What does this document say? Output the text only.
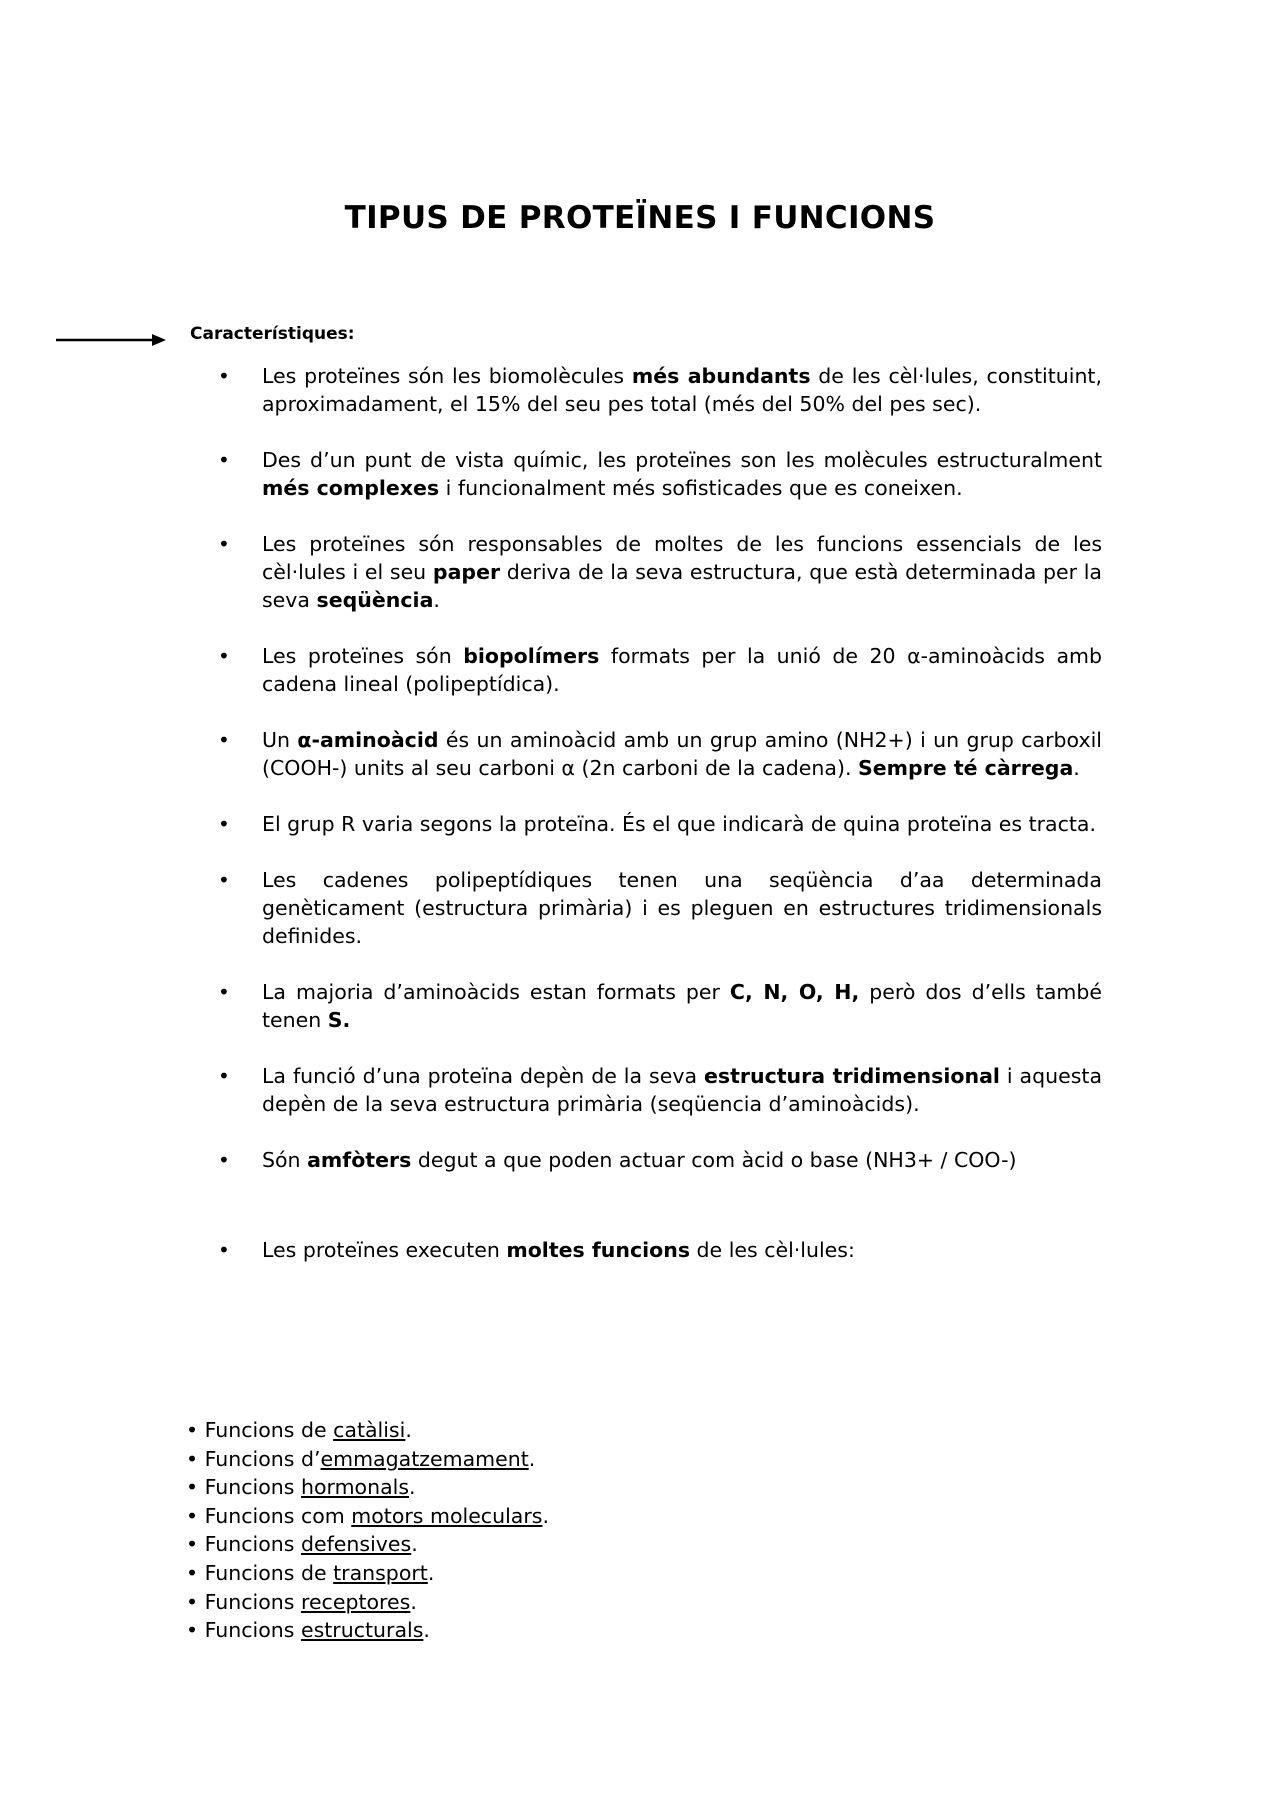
TIPUS DE PROTEÏNES I FUNCIONS
Característiques:
• Les proteïnes són les biomolècules més abundants de les cèl·lules, constituint, aproximadament, el 15% del seu pes total (més del 50% del pes sec).
• Des d’un punt de vista químic, les proteïnes son les molècules estructuralment més complexes i funcionalment més sofisticades que es coneixen.
• Les proteïnes són responsables de moltes de les funcions essencials de les cèl·lules i el seu paper deriva de la seva estructura, que està determinada per la seva seqüència.
• Les proteïnes són biopolímers formats per la unió de 20 α-aminoàcids amb cadena lineal (polipeptídica).
• Un α-aminoàcid és un aminoàcid amb un grup amino (NH2+) i un grup carboxil (COOH-) units al seu carboni α (2n carboni de la cadena). Sempre té càrrega.
• El grup R varia segons la proteïna. És el que indicarà de quina proteïna es tracta.
• Les cadenes polipeptídiques tenen una seqüència d’aa determinada genèticament (estructura primària) i es pleguen en estructures tridimensionals definides.
• La majoria d’aminoàcids estan formats per C, N, O, H, però dos d’ells també tenen S.
• La funció d’una proteïna depèn de la seva estructura tridimensional i aquesta depèn de la seva estructura primària (seqüencia d’aminoàcids).
• Són amfòters degut a que poden actuar com àcid o base (NH3+ / COO-)
• Les proteïnes executen moltes funcions de les cèl·lules:
• Funcions de catàlisi.
• Funcions d’emmagatzemament.
• Funcions hormonals.
• Funcions com motors moleculars.
• Funcions defensives.
• Funcions de transport.
• Funcions receptores.
• Funcions estructurals.
